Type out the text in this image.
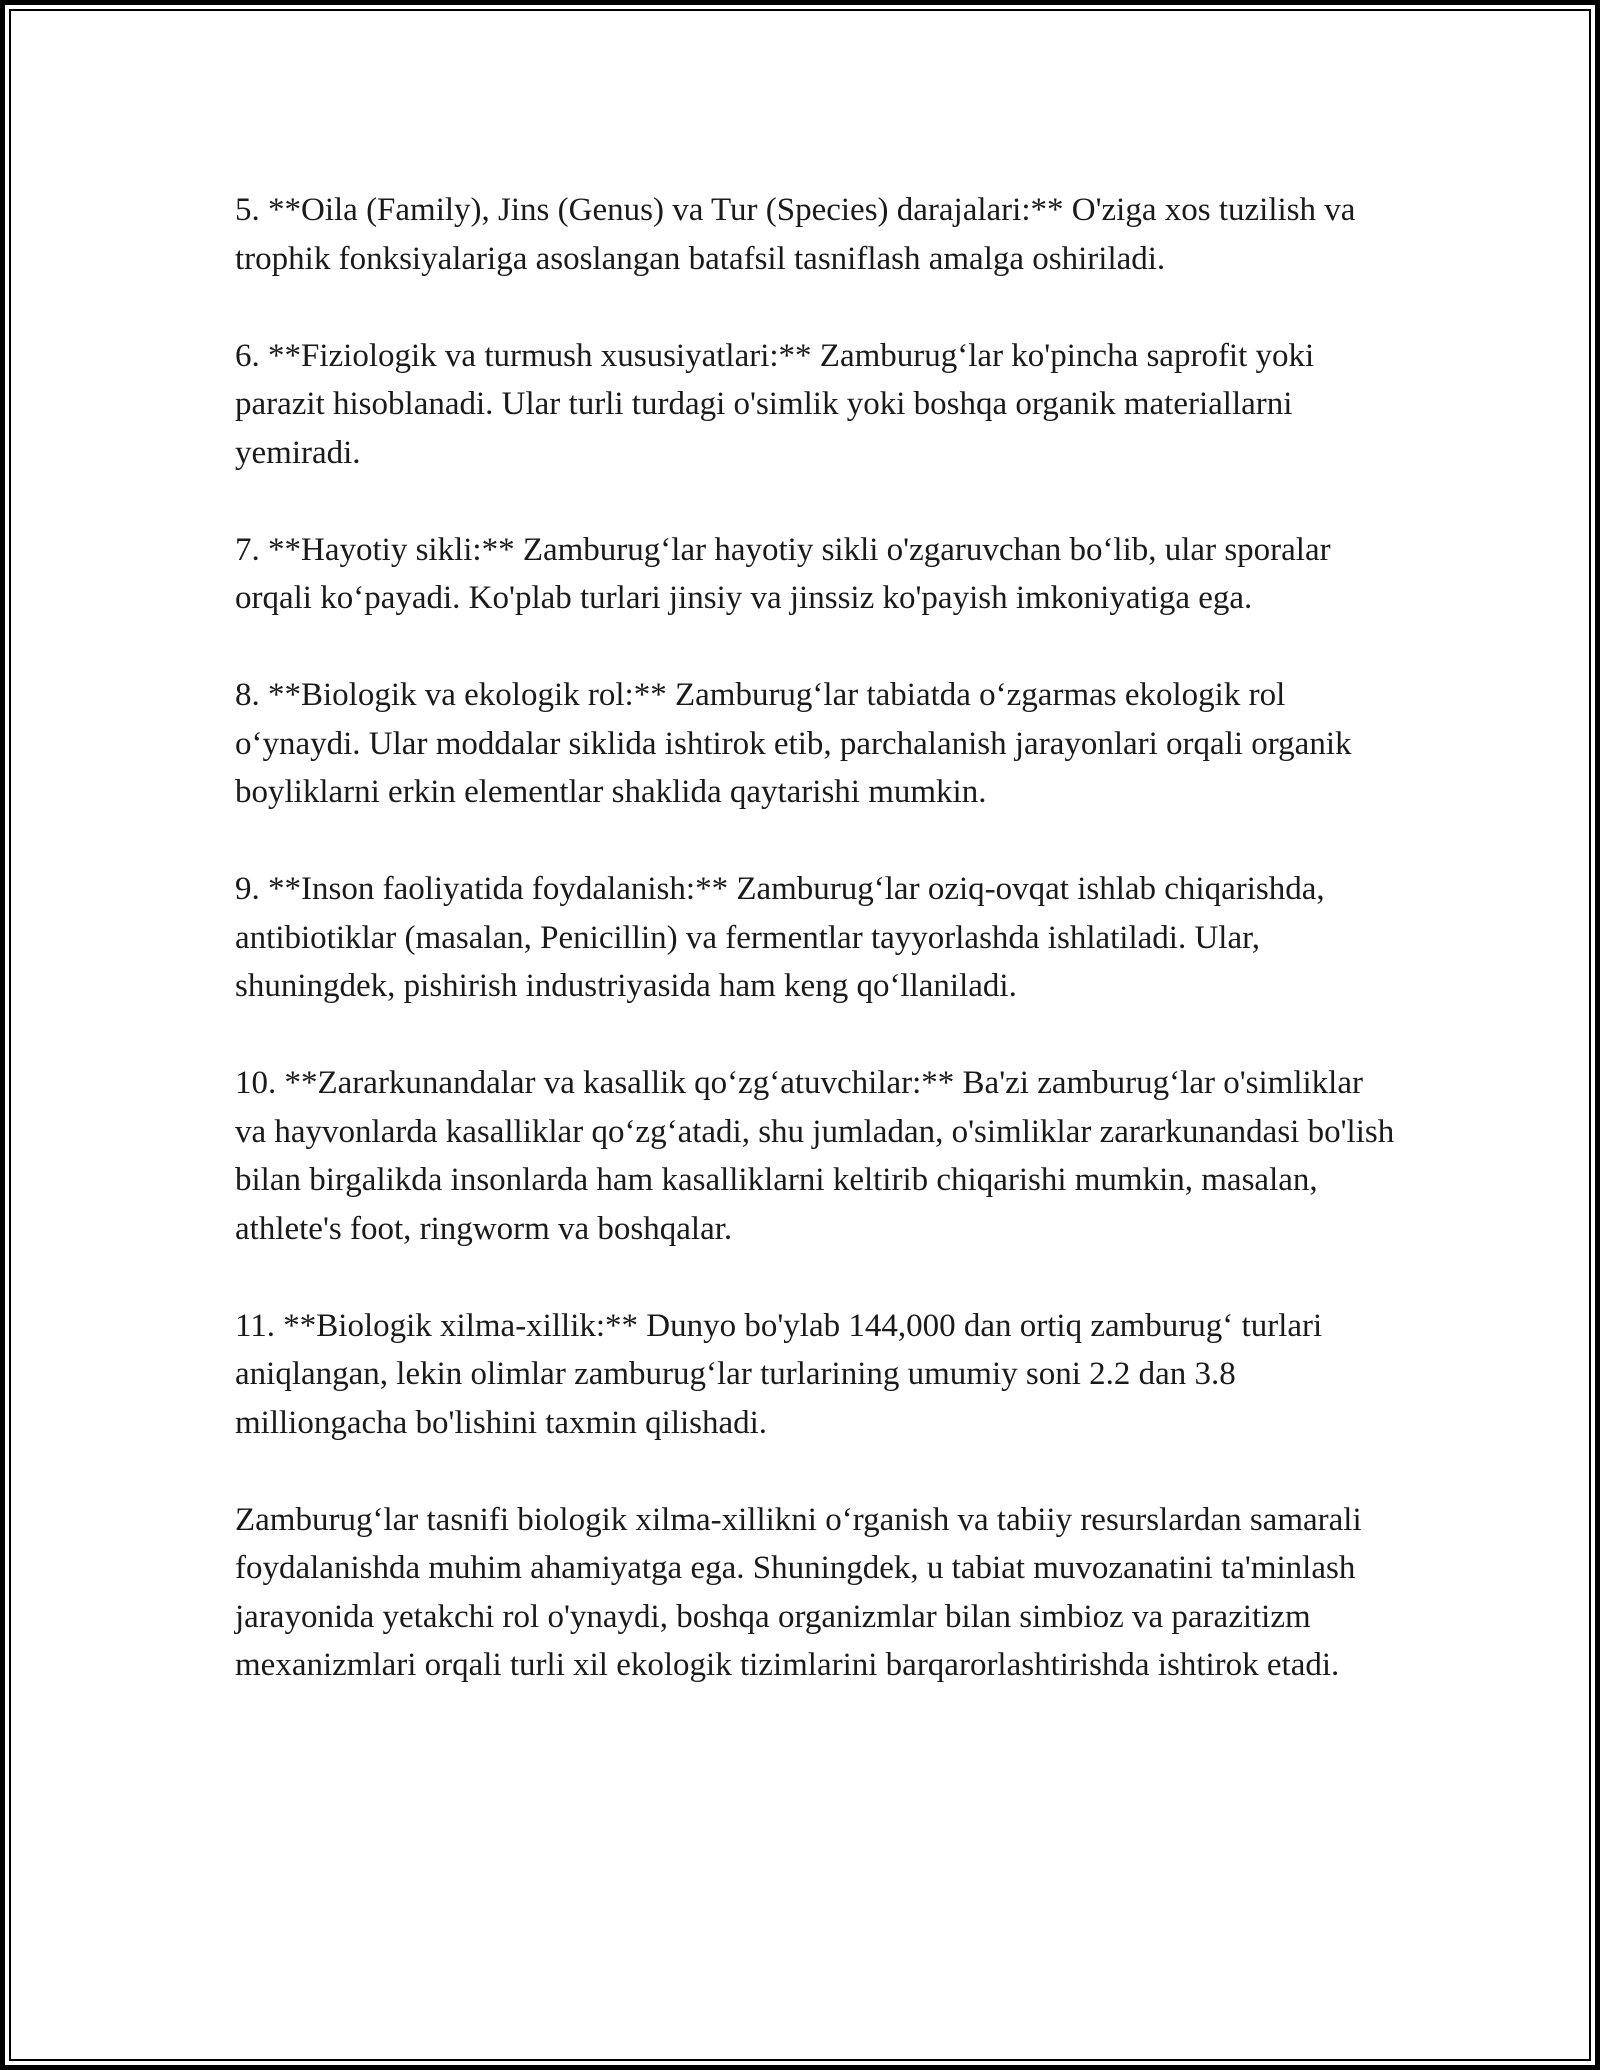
5. **Oila (Family), Jins (Genus) va Tur (Species) darajalari:** O'ziga xos tuzilish va trophik fonksiyalariga asoslangan batafsil tasniflash amalga oshiriladi.

6. **Fiziologik va turmush xususiyatlari:** Zamburug‘lar ko'pincha saprofit yoki parazit hisoblanadi. Ular turli turdagi o'simlik yoki boshqa organik materiallarni yemiradi.

7. **Hayotiy sikli:** Zamburug‘lar hayotiy sikli o'zgaruvchan bo‘lib, ular sporalar orqali ko‘payadi. Ko'plab turlari jinsiy va jinssiz ko'payish imkoniyatiga ega.

8. **Biologik va ekologik rol:** Zamburug‘lar tabiatda o‘zgarmas ekologik rol o‘ynaydi. Ular moddalar siklida ishtirok etib, parchalanish jarayonlari orqali organik boyliklarni erkin elementlar shaklida qaytarishi mumkin.

9. **Inson faoliyatida foydalanish:** Zamburug‘lar oziq-ovqat ishlab chiqarishda, antibiotiklar (masalan, Penicillin) va fermentlar tayyorlashda ishlatiladi. Ular, shuningdek, pishirish industriyasida ham keng qo‘llaniladi.

10. **Zararkunandalar va kasallik qo‘zg‘atuvchilar:** Ba'zi zamburug‘lar o'simliklar va hayvonlarda kasalliklar qo‘zg‘atadi, shu jumladan, o'simliklar zararkunandasi bo'lish bilan birgalikda insonlarda ham kasalliklarni keltirib chiqarishi mumkin, masalan, athlete's foot, ringworm va boshqalar.

11. **Biologik xilma-xillik:** Dunyo bo'ylab 144,000 dan ortiq zamburug‘ turlari aniqlangan, lekin olimlar zamburug‘lar turlarining umumiy soni 2.2 dan 3.8 milliongacha bo'lishini taxmin qilishadi.

Zamburug‘lar tasnifi biologik xilma-xillikni o‘rganish va tabiiy resurslardan samarali foydalanishda muhim ahamiyatga ega. Shuningdek, u tabiat muvozanatini ta'minlash jarayonida yetakchi rol o'ynaydi, boshqa organizmlar bilan simbioz va parazitizm mexanizmlari orqali turli xil ekologik tizimlarini barqarorlashtirishda ishtirok etadi.
